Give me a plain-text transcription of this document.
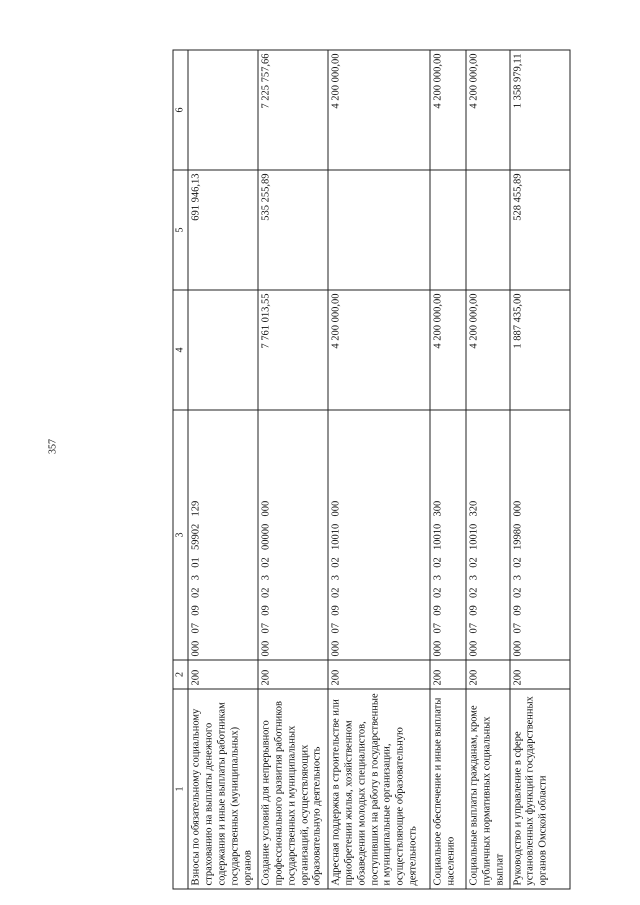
357
1	2	3	4	5	6
Взносы по обязательному социальному страхованию на выплаты денежного содержания и иные выплаты работникам государственных (муниципальных) органов	200	000  07  09  02  3  01  59902  129		691 946,13	
Создание условий для непрерывного профессионального развития работников государственных и муниципальных организаций, осуществляющих образовательную деятельность	200	000  07  09  02  3  02  00000  000	7 761 013,55	535 255,89	7 225 757,66
Адресная поддержка в строительстве или приобретении жилья, хозяйственном обзаведении молодых специалистов, поступивших на работу в государственные и муниципальные организации, осуществляющие образовательную деятельность	200	000  07  09  02  3  02  10010  000	4 200 000,00		4 200 000,00
Социальное обеспечение и иные выплаты населению	200	000  07  09  02  3  02  10010  300	4 200 000,00		4 200 000,00
Социальные выплаты гражданам, кроме публичных нормативных социальных выплат	200	000  07  09  02  3  02  10010  320	4 200 000,00		4 200 000,00
Руководство и управление в сфере установленных функций государственных органов Омской области	200	000  07  09  02  3  02  19980  000	1 887 435,00	528 455,89	1 358 979,11
